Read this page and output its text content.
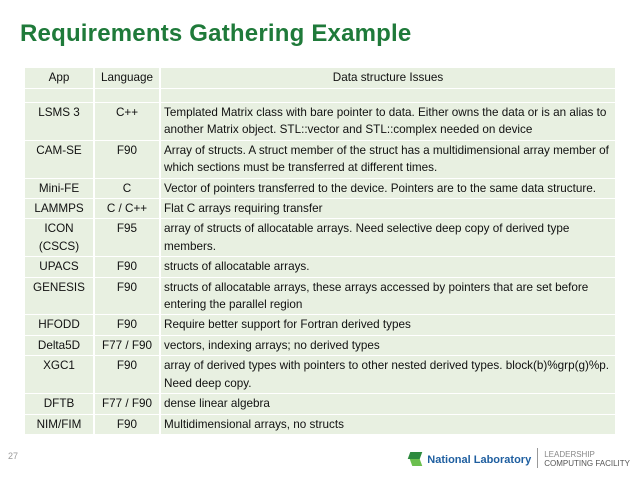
Requirements Gathering Example
App	Language	Data structure Issues

LSMS 3	C++	Templated Matrix class with bare pointer to data. Either owns the data or is an alias to another Matrix object. STL::vector and STL::complex needed on device
CAM-SE	F90	Array of structs. A struct member of the struct has a multidimensional array member of which sections must be transferred at different times.
Mini-FE	C	Vector of pointers transferred to the device. Pointers are to the same data structure.
LAMMPS	C / C++	Flat C arrays requiring transfer
ICON (CSCS)	F95	array of structs of allocatable arrays. Need selective deep copy of derived type members.
UPACS	F90	structs of allocatable arrays.
GENESIS	F90	structs of allocatable arrays, these arrays accessed by pointers that are set before entering the parallel region
HFODD	F90	Require better support for Fortran derived types
Delta5D	F77 / F90	vectors, indexing arrays; no derived types
XGC1	F90	array of derived types with pointers to other nested derived types. block(b)%grp(g)%p. Need deep copy.
DFTB	F77 / F90	dense linear algebra
NIM/FIM	F90	Multidimensional arrays, no structs
27	National Laboratory LEADERSHIP
COMPUTING FACILITY
